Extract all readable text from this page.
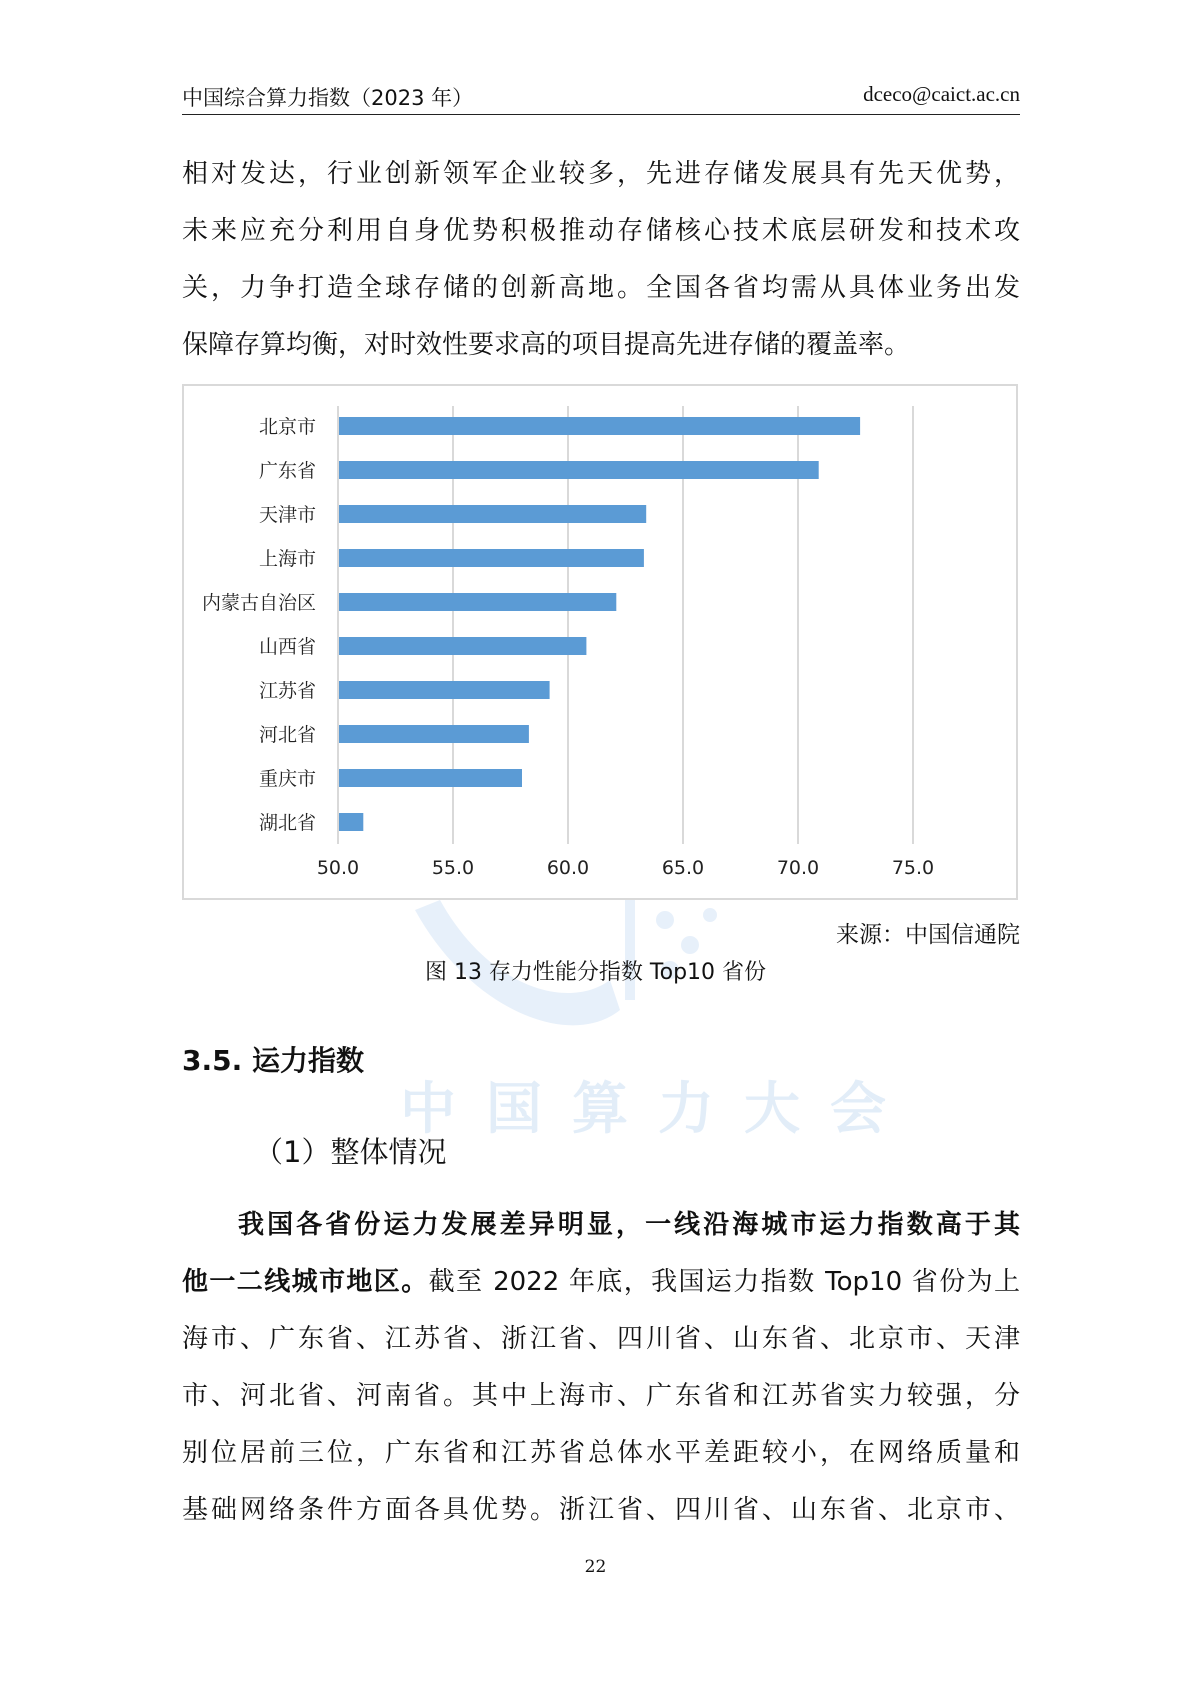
中国综合算力指数（2023 年）	dceco@caict.ac.cn
相对发达，行业创新领军企业较多，先进存储发展具有先天优势，
未来应充分利用自身优势积极推动存储核心技术底层研发和技术攻
关，力争打造全球存储的创新高地。全国各省均需从具体业务出发
保障存算均衡，对时效性要求高的项目提高先进存储的覆盖率。
中国算力大会
50.0	55.0	60.0	65.0	70.0	75.0
北京市
广东省
天津市
上海市
内蒙古自治区
山西省
江苏省
河北省
重庆市
湖北省
来源：中国信通院
图 13 存力性能分指数 Top10 省份
3.5. 运力指数
（1）整体情况
我国各省份运力发展差异明显，一线沿海城市运力指数高于其
他一二线城市地区。截至 2022 年底，我国运力指数 Top10 省份为上
海市、广东省、江苏省、浙江省、四川省、山东省、北京市、天津
市、河北省、河南省。其中上海市、广东省和江苏省实力较强，分
别位居前三位，广东省和江苏省总体水平差距较小，在网络质量和
基础网络条件方面各具优势。浙江省、四川省、山东省、北京市、
22
